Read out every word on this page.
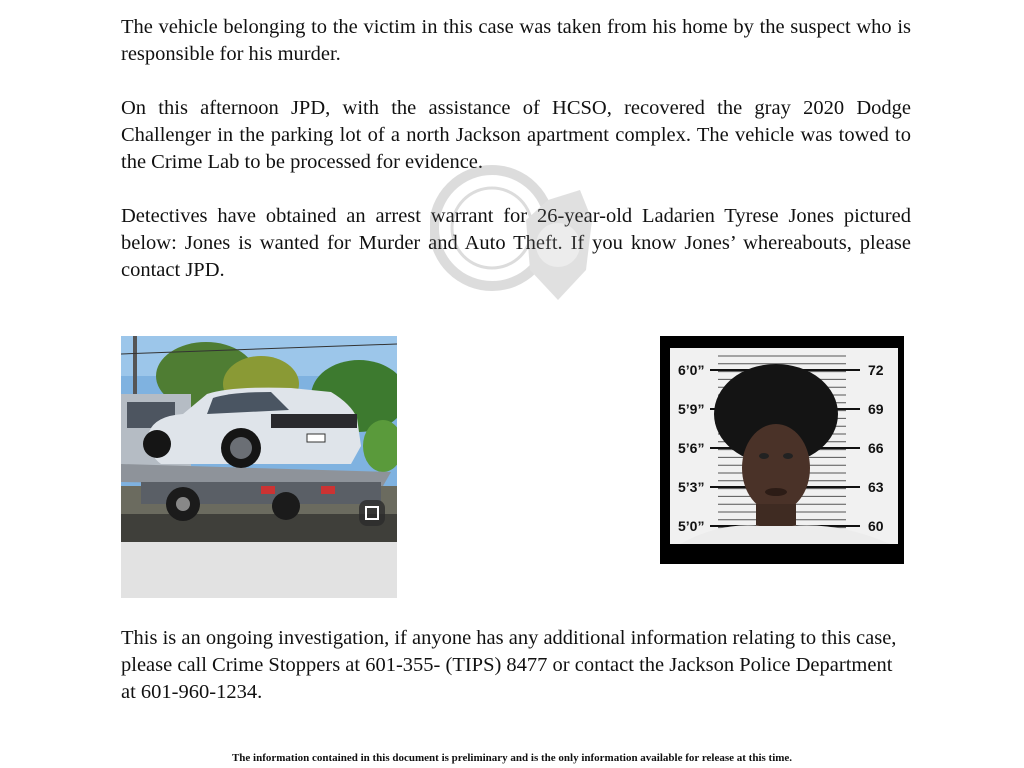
The vehicle belonging to the victim in this case was taken from his home by the suspect who is responsible for his murder.

On this afternoon JPD, with the assistance of HCSO, recovered the gray 2020 Dodge Challenger in the parking lot of a north Jackson apartment complex. The vehicle was towed to the Crime Lab to be processed for evidence.

Detectives have obtained an arrest warrant for 26-year-old Ladarien Tyrese Jones pictured below: Jones is wanted for Murder and Auto Theft. If you know Jones’ whereabouts, please contact JPD.

6’0”	72
5’9”	69
5’6”	66
5’3”	63
5’0”	60

This is an ongoing investigation, if anyone has any additional information relating to this case, please call Crime Stoppers at 601-355- (TIPS) 8477 or contact the Jackson Police Department at 601-960-1234.

The information contained in this document is preliminary and is the only information available for release at this time.
